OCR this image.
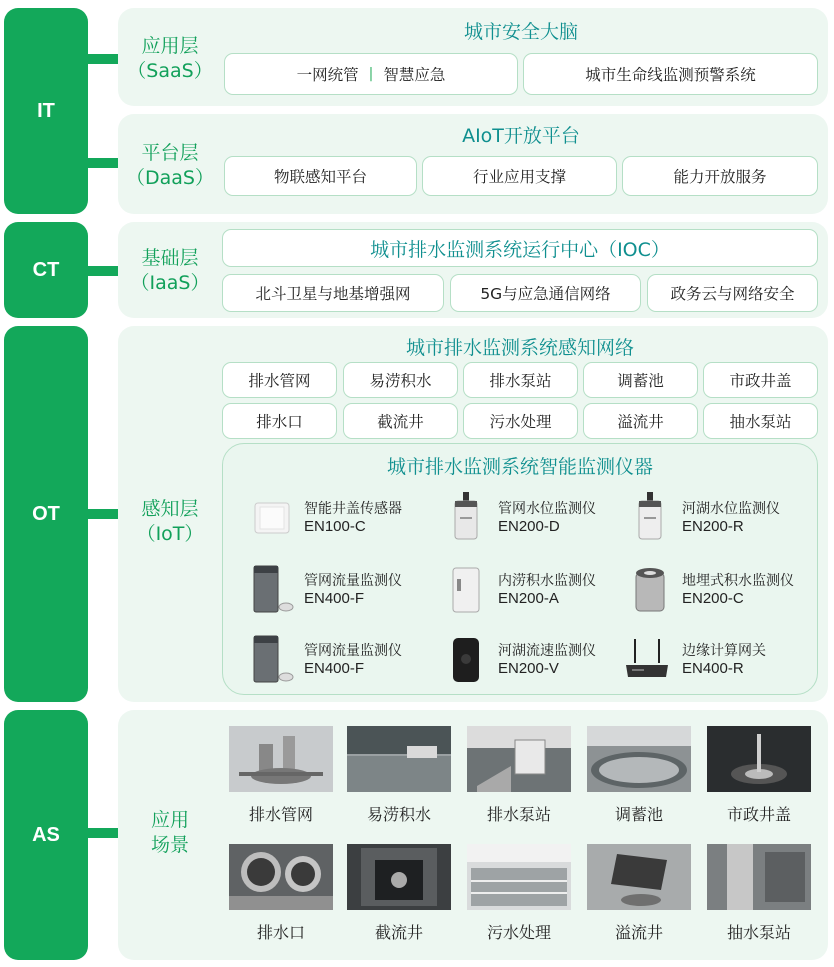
IT
CT
OT
AS
应用层
（SaaS）
城市安全大脑
一网统管 | 智慧应急	城市生命线监测预警系统
平台层
（DaaS）
AIoT开放平台
物联感知平台	行业应用支撑	能力开放服务
基础层
（IaaS）
城市排水监测系统运行中心（IOC）
北斗卫星与地基增强网	5G与应急通信网络	政务云与网络安全
感知层
（IoT）
城市排水监测系统感知网络
排水管网	易涝积水	排水泵站	调蓄池	市政井盖
排水口	截流井	污水处理	溢流井	抽水泵站
城市排水监测系统智能监测仪器
智能井盖传感器
EN100-C
管网水位监测仪
EN200-D
河湖水位监测仪
EN200-R
管网流量监测仪
EN400-F
内涝积水监测仪
EN200-A
地埋式积水监测仪
EN200-C
管网流量监测仪
EN400-F
河湖流速监测仪
EN200-V
边缘计算网关
EN400-R
应用
场景
排水管网	易涝积水	排水泵站	调蓄池	市政井盖
排水口	截流井	污水处理	溢流井	抽水泵站
